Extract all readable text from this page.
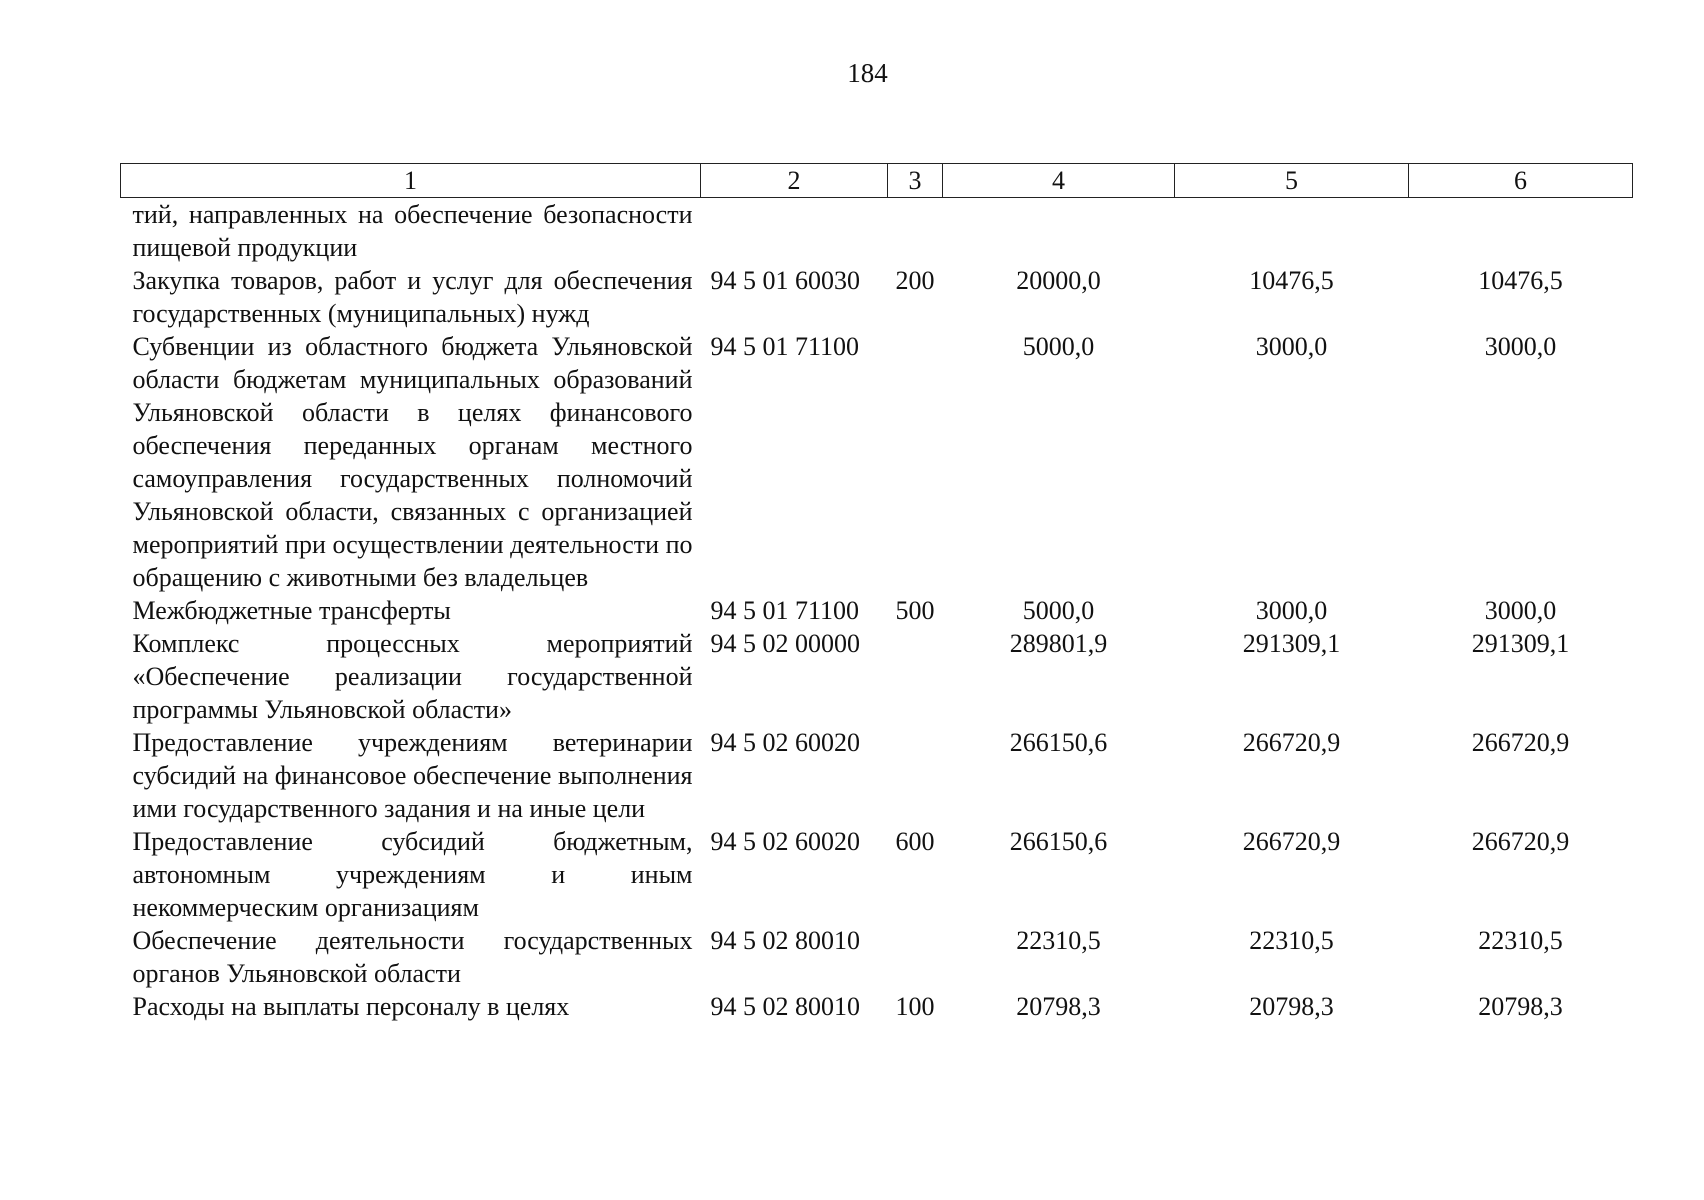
184
1	2	3	4	5	6
тий, направленных на обеспечение безопасности пищевой продукции					
Закупка товаров, работ и услуг для обеспечения государственных (муниципальных) нужд	94 5 01 60030	200	20000,0	10476,5	10476,5
Субвенции из областного бюджета Ульяновской области бюджетам муниципальных образований Ульяновской области в целях финансового обеспечения переданных органам местного самоуправления государственных полномочий Ульяновской области, связанных с организацией мероприятий при осуществлении деятельности по обращению с животными без владельцев	94 5 01 71100		5000,0	3000,0	3000,0
Межбюджетные трансферты	94 5 01 71100	500	5000,0	3000,0	3000,0
Комплекс процессных мероприятий «Обеспечение реализации государственной программы Ульяновской области»	94 5 02 00000		289801,9	291309,1	291309,1
Предоставление учреждениям ветеринарии субсидий на финансовое обеспечение выполнения ими государственного задания и на иные цели	94 5 02 60020		266150,6	266720,9	266720,9
Предоставление субсидий бюджетным, автономным учреждениям и иным некоммерческим организациям	94 5 02 60020	600	266150,6	266720,9	266720,9
Обеспечение деятельности государственных органов Ульяновской области	94 5 02 80010		22310,5	22310,5	22310,5
Расходы на выплаты персоналу в целях	94 5 02 80010	100	20798,3	20798,3	20798,3
